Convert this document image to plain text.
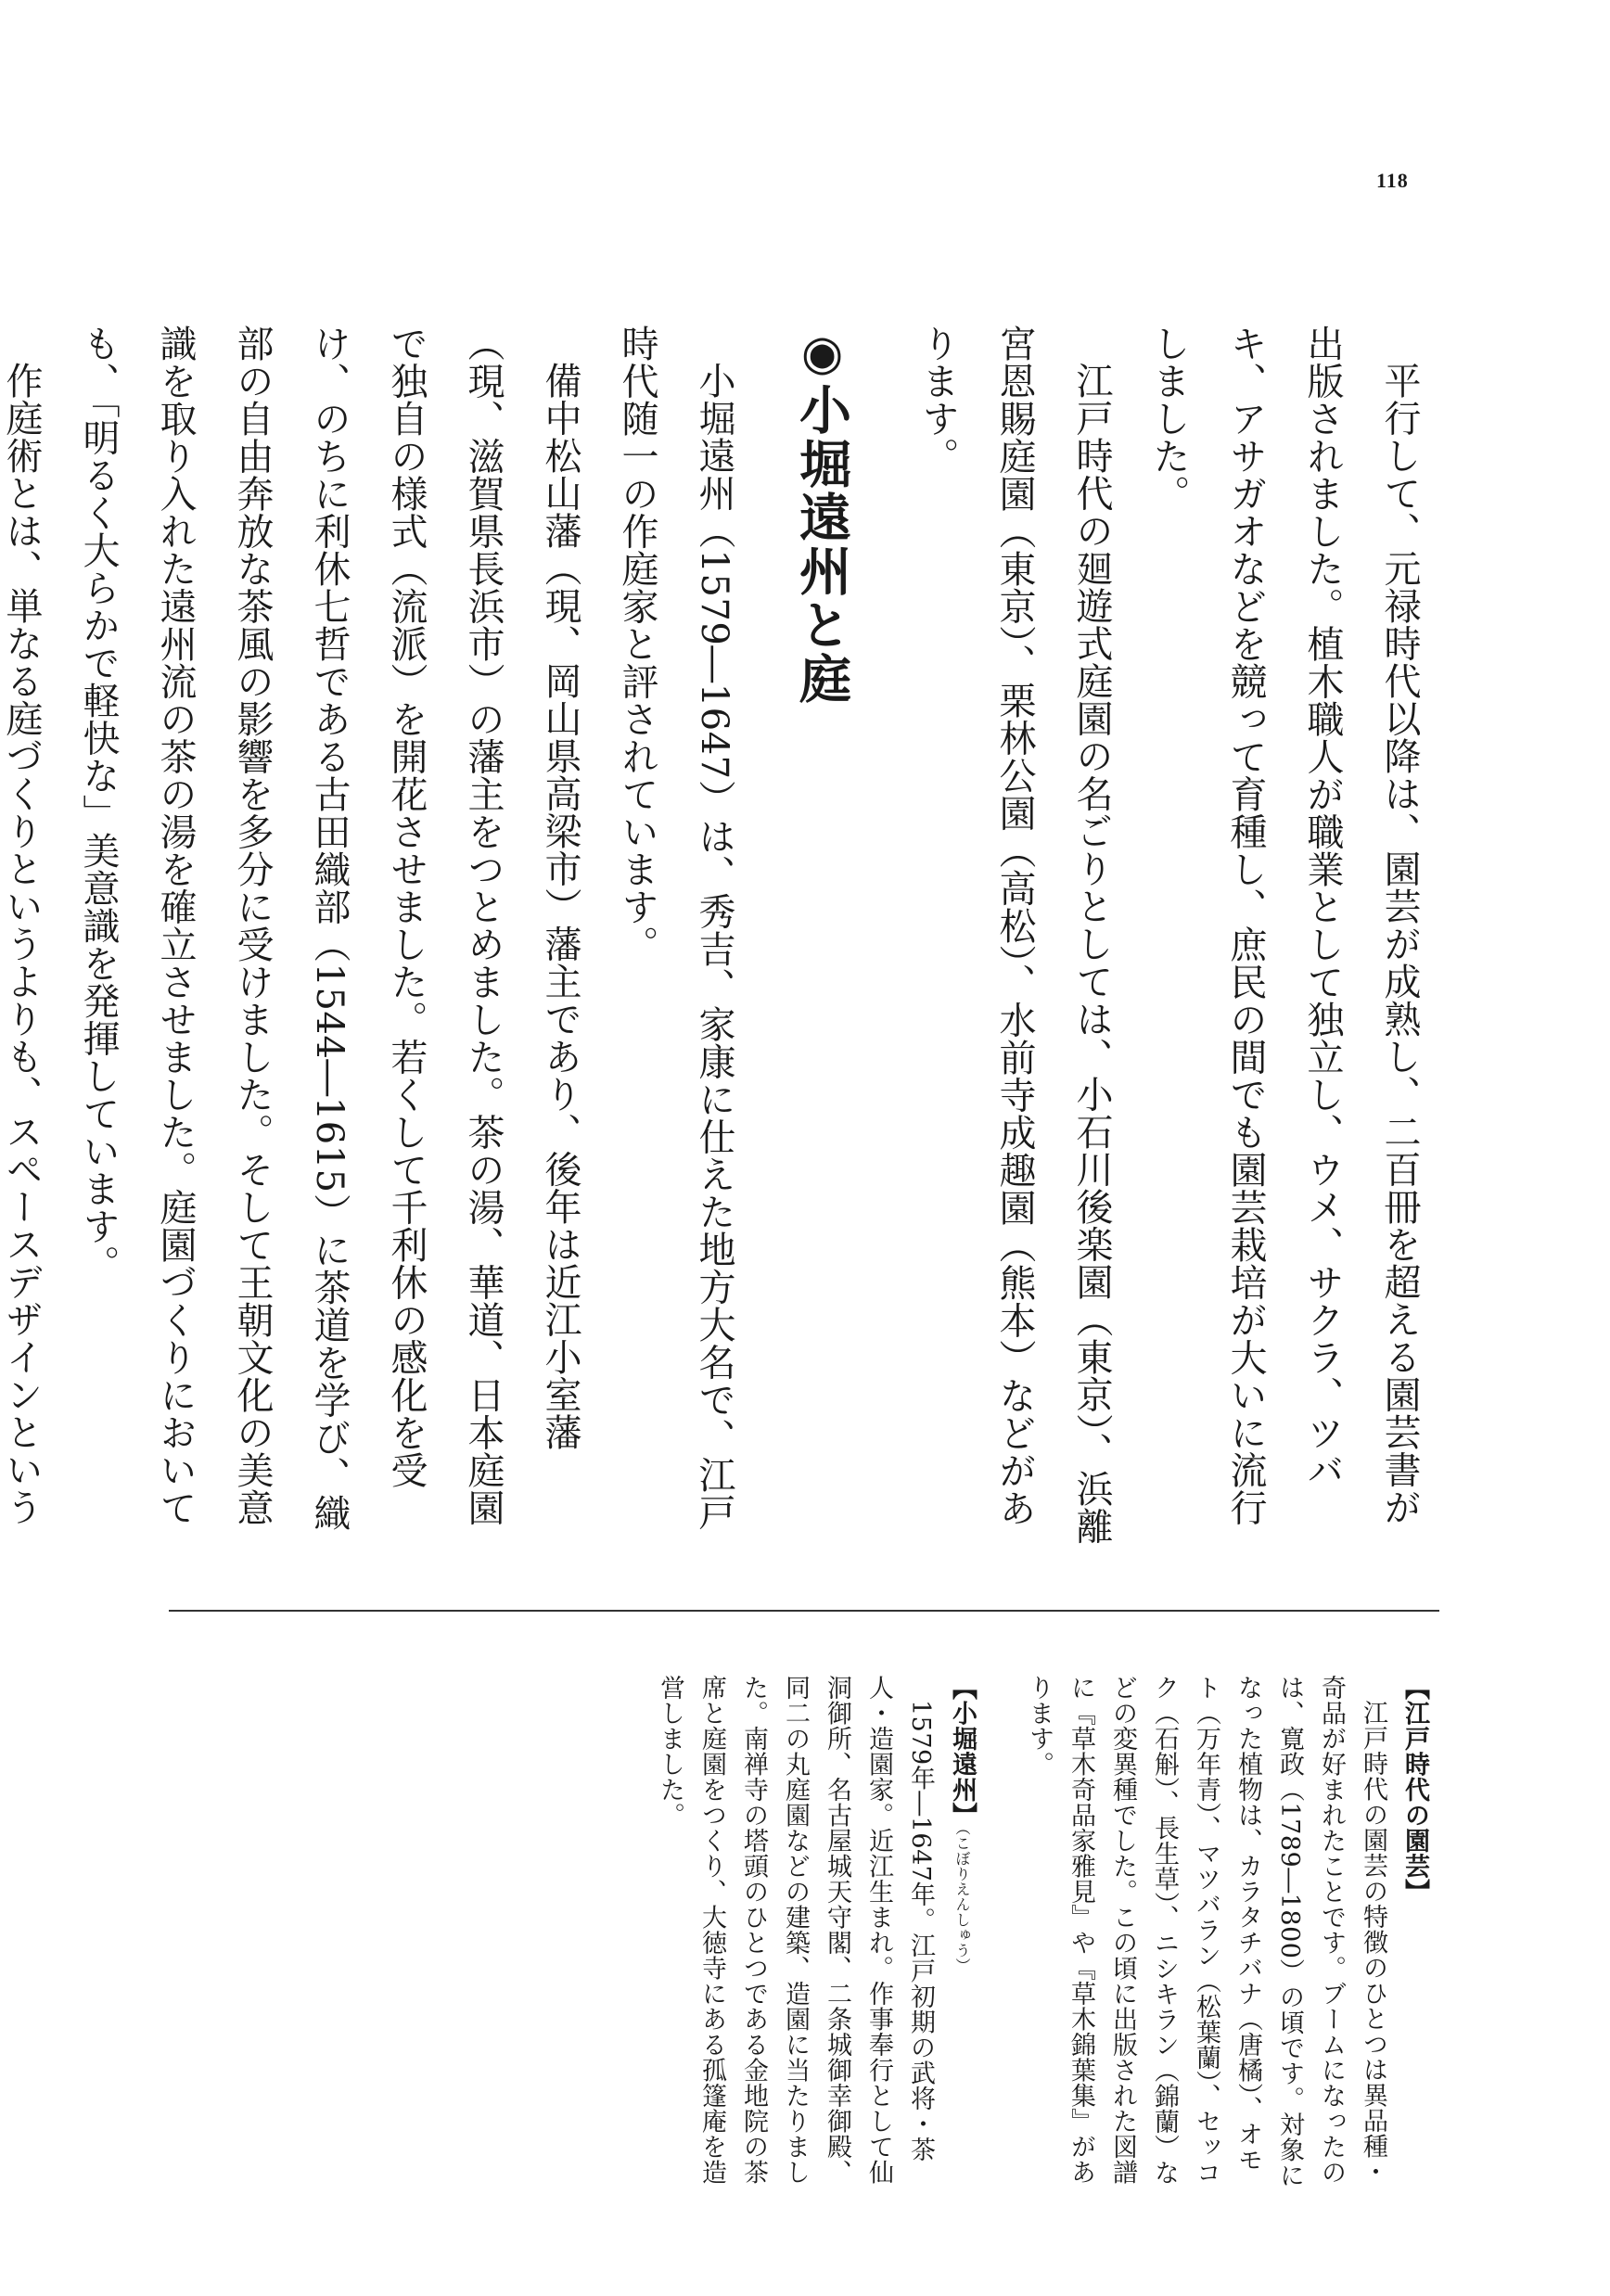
118

平行して、元禄時代以降は、園芸が成熟し、二百冊を超える園芸書が出版されました。植木職人が職業として独立し、ウメ、サクラ、ツバキ、アサガオなどを競って育種し、庶民の間でも園芸栽培が大いに流行しました。

江戸時代の廻遊式庭園の名ごりとしては、小石川後楽園（東京）、浜離宮恩賜庭園（東京）、栗林公園（高松）、水前寺成趣園（熊本）などがあります。

◉小堀遠州と庭

小堀遠州（1579―1647）は、秀吉、家康に仕えた地方大名で、江戸時代随一の作庭家と評されています。

備中松山藩（現、岡山県高梁市）藩主であり、後年は近江小室藩（現、滋賀県長浜市）の藩主をつとめました。茶の湯、華道、日本庭園で独自の様式（流派）を開花させました。若くして千利休の感化を受け、のちに利休七哲である古田織部（1544―1615）に茶道を学び、織部の自由奔放な茶風の影響を多分に受けました。そして王朝文化の美意識を取り入れた遠州流の茶の湯を確立させました。庭園づくりにおいても、「明るく大らかで軽快な」美意識を発揮しています。

作庭術とは、単なる庭づくりというよりも、スペースデザインという

【江戸時代の園芸】

江戸時代の園芸の特徴のひとつは異品種・奇品が好まれたことです。ブームになったのは、寛政（1789―1800）の頃です。対象になった植物は、カラタチバナ（唐橘）、オモト（万年青）、マツバラン（松葉蘭）、セッコク（石斛）、長生草）、ニシキラン（錦蘭）などの変異種でした。この頃に出版された図譜に『草木奇品家雅見』や『草木錦葉集』があります。

【小堀遠州】（こぼりえんしゅう）

1579年―1647年。江戸初期の武将・茶人・造園家。近江生まれ。作事奉行として仙洞御所、名古屋城天守閣、二条城御幸御殿、同二の丸庭園などの建築、造園に当たりました。南禅寺の塔頭のひとつである金地院の茶席と庭園をつくり、大徳寺にある孤篷庵を造営しました。
